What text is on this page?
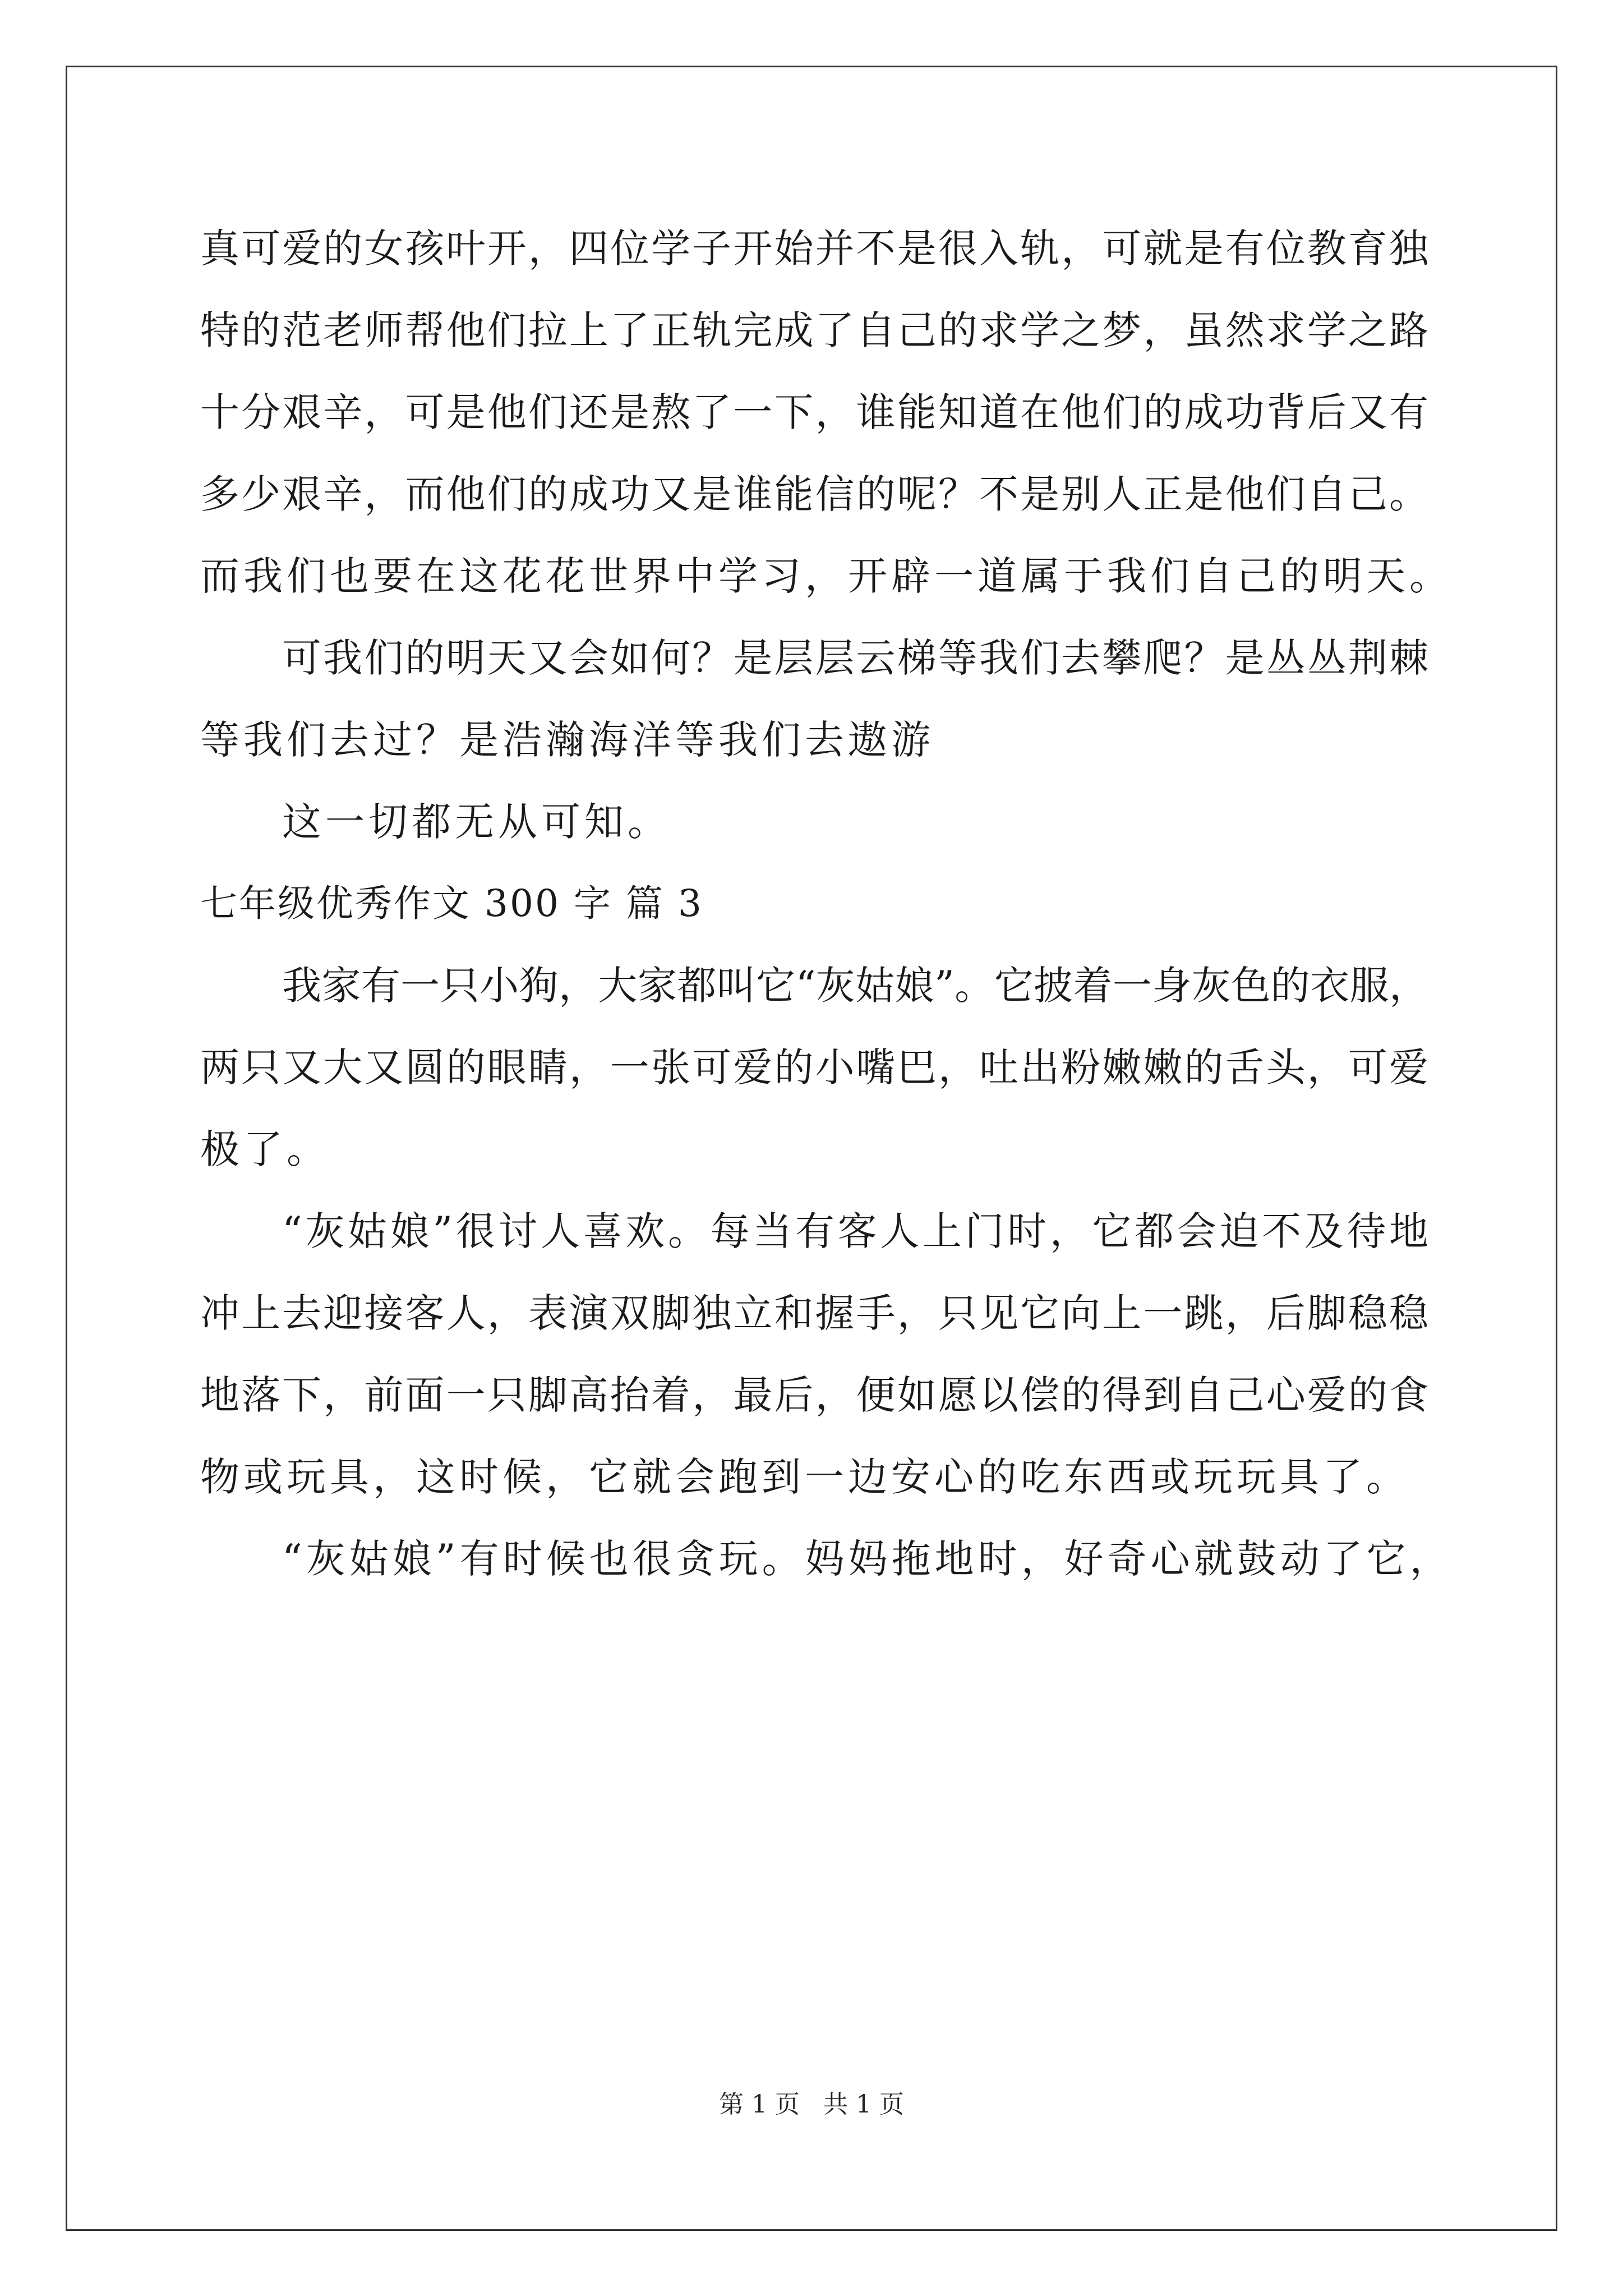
真可爱的女孩叶开，四位学子开始并不是很入轨，可就是有位教育独
特的范老师帮他们拉上了正轨完成了自己的求学之梦，虽然求学之路
十分艰辛，可是他们还是熬了一下，谁能知道在他们的成功背后又有
多少艰辛，而他们的成功又是谁能信的呢？不是别人正是他们自己。
而我们也要在这花花世界中学习，开辟一道属于我们自己的明天。
可我们的明天又会如何？是层层云梯等我们去攀爬？是丛丛荆棘
等我们去过？是浩瀚海洋等我们去遨游
这一切都无从可知。
七年级优秀作文 300 字 篇 3
我家有一只小狗，大家都叫它“灰姑娘”。它披着一身灰色的衣服，
两只又大又圆的眼睛，一张可爱的小嘴巴，吐出粉嫩嫩的舌头，可爱
极了。
“灰姑娘”很讨人喜欢。每当有客人上门时，它都会迫不及待地
冲上去迎接客人，表演双脚独立和握手，只见它向上一跳，后脚稳稳
地落下，前面一只脚高抬着，最后，便如愿以偿的得到自己心爱的食
物或玩具，这时候，它就会跑到一边安心的吃东西或玩玩具了。
“灰姑娘”有时候也很贪玩。妈妈拖地时，好奇心就鼓动了它，
第 1 页   共 1 页
